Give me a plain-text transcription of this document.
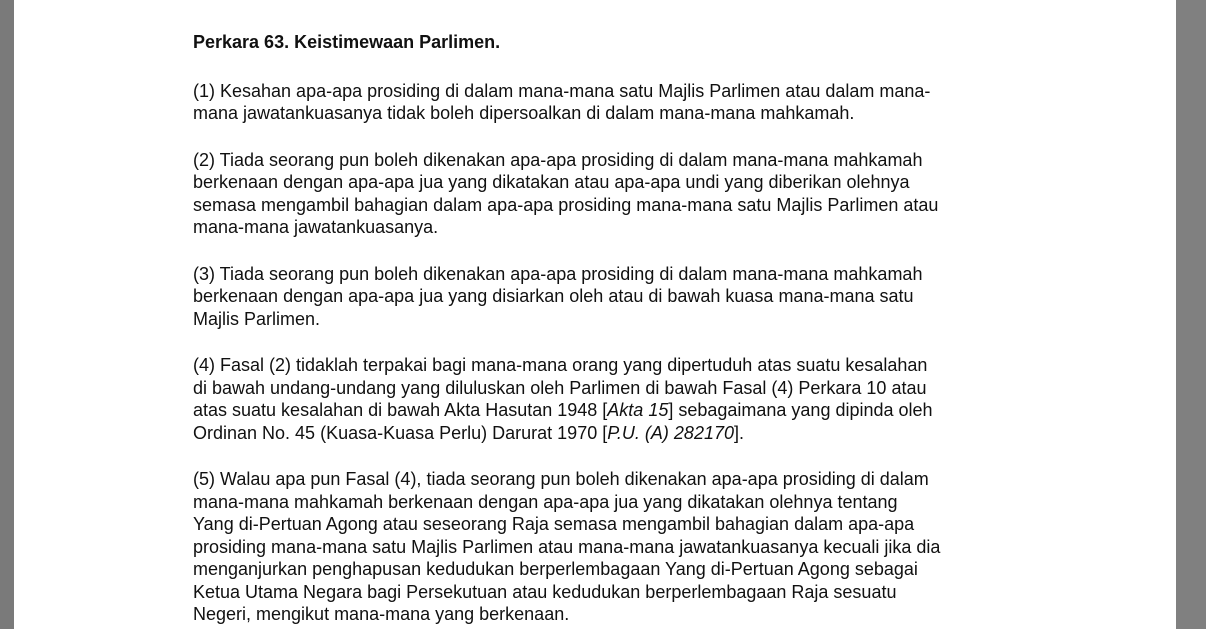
Perkara 63. Keistimewaan Parlimen.
(1) Kesahan apa-apa prosiding di dalam mana-mana satu Majlis Parlimen atau dalam mana-
mana jawatankuasanya tidak boleh dipersoalkan di dalam mana-mana mahkamah.
(2) Tiada seorang pun boleh dikenakan apa-apa prosiding di dalam mana-mana mahkamah
berkenaan dengan apa-apa jua yang dikatakan atau apa-apa undi yang diberikan olehnya
semasa mengambil bahagian dalam apa-apa prosiding mana-mana satu Majlis Parlimen atau
mana-mana jawatankuasanya.
(3) Tiada seorang pun boleh dikenakan apa-apa prosiding di dalam mana-mana mahkamah
berkenaan dengan apa-apa jua yang disiarkan oleh atau di bawah kuasa mana-mana satu
Majlis Parlimen.
(4) Fasal (2) tidaklah terpakai bagi mana-mana orang yang dipertuduh atas suatu kesalahan
di bawah undang-undang yang diluluskan oleh Parlimen di bawah Fasal (4) Perkara 10 atau
atas suatu kesalahan di bawah Akta Hasutan 1948 [Akta 15] sebagaimana yang dipinda oleh
Ordinan No. 45 (Kuasa-Kuasa Perlu) Darurat 1970 [P.U. (A) 282170].
(5) Walau apa pun Fasal (4), tiada seorang pun boleh dikenakan apa-apa prosiding di dalam
mana-mana mahkamah berkenaan dengan apa-apa jua yang dikatakan olehnya tentang
Yang di-Pertuan Agong atau seseorang Raja semasa mengambil bahagian dalam apa-apa
prosiding mana-mana satu Majlis Parlimen atau mana-mana jawatankuasanya kecuali jika dia
menganjurkan penghapusan kedudukan berperlembagaan Yang di-Pertuan Agong sebagai
Ketua Utama Negara bagi Persekutuan atau kedudukan berperlembagaan Raja sesuatu
Negeri, mengikut mana-mana yang berkenaan.
